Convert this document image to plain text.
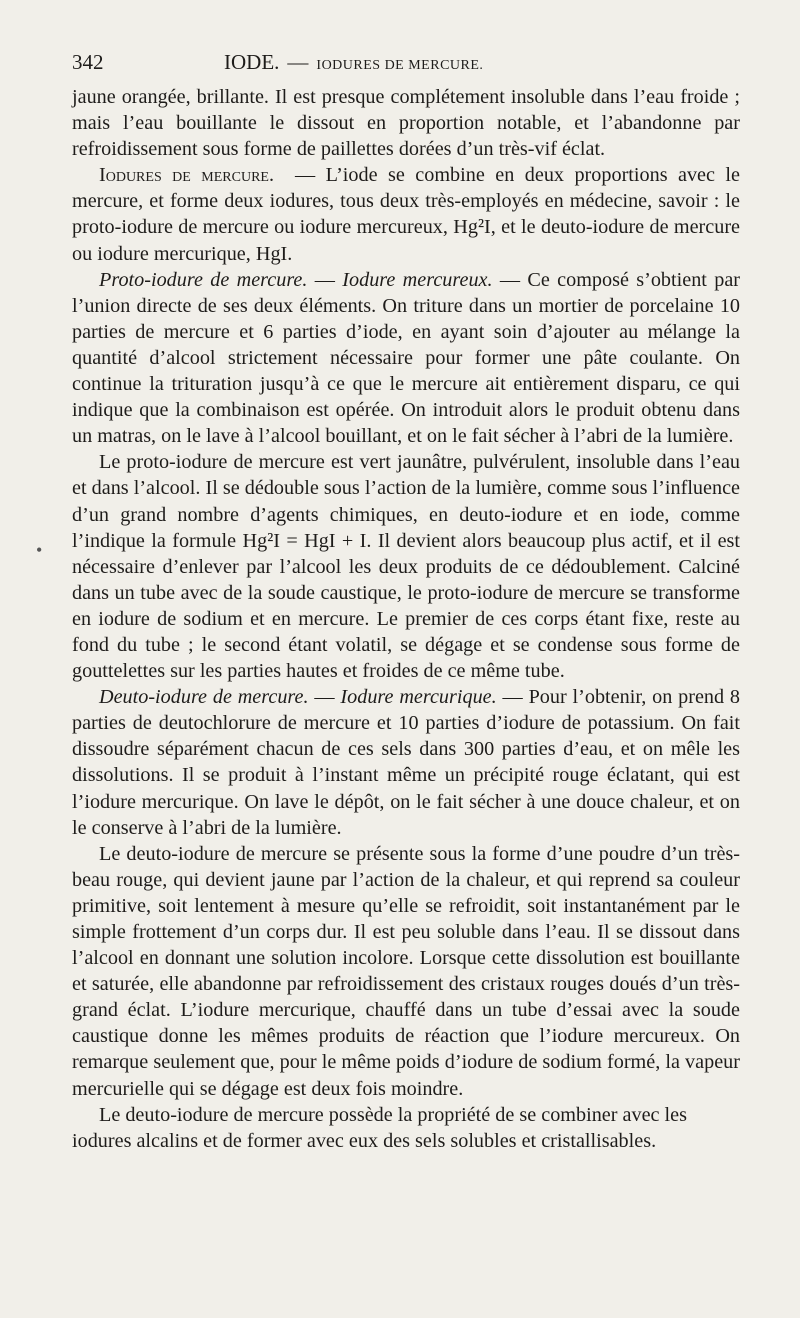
342	IODE. — IODURES DE MERCURE.

jaune orangée, brillante. Il est presque complétement insoluble dans l’eau froide ; mais l’eau bouillante le dissout en proportion notable, et l’abandonne par refroidissement sous forme de paillettes dorées d’un très-vif éclat.

Iodures de mercure.  — L’iode se combine en deux proportions avec le mercure, et forme deux iodures, tous deux très-employés en médecine, savoir : le proto-iodure de mercure ou iodure mercureux, Hg²I, et le deuto-iodure de mercure ou iodure mercurique, HgI.

Proto-iodure de mercure. — Iodure mercureux. — Ce composé s’obtient par l’union directe de ses deux éléments. On triture dans un mortier de porcelaine 10 parties de mercure et 6 parties d’iode, en ayant soin d’ajouter au mélange la quantité d’alcool strictement nécessaire pour former une pâte coulante. On continue la trituration jusqu’à ce que le mercure ait entièrement disparu, ce qui indique que la combinaison est opérée. On introduit alors le produit obtenu dans un matras, on le lave à l’alcool bouillant, et on le fait sécher à l’abri de la lumière.

Le proto-iodure de mercure est vert jaunâtre, pulvérulent, insoluble dans l’eau et dans l’alcool. Il se dédouble sous l’action de la lumière, comme sous l’influence d’un grand nombre d’agents chimiques, en deuto-iodure et en iode, comme l’indique la formule Hg²I = HgI + I. Il devient alors beaucoup plus actif, et il est nécessaire d’enlever par l’alcool les deux produits de ce dédoublement. Calciné dans un tube avec de la soude caustique, le proto-iodure de mercure se transforme en iodure de sodium et en mercure. Le premier de ces corps étant fixe, reste au fond du tube ; le second étant volatil, se dégage et se condense sous forme de gouttelettes sur les parties hautes et froides de ce même tube.

Deuto-iodure de mercure. — Iodure mercurique. — Pour l’obtenir, on prend 8 parties de deutochlorure de mercure et 10 parties d’iodure de potassium. On fait dissoudre séparément chacun de ces sels dans 300 parties d’eau, et on mêle les dissolutions. Il se produit à l’instant même un précipité rouge éclatant, qui est l’iodure mercurique. On lave le dépôt, on le fait sécher à une douce chaleur, et on le conserve à l’abri de la lumière.

Le deuto-iodure de mercure se présente sous la forme d’une poudre d’un très-beau rouge, qui devient jaune par l’action de la chaleur, et qui reprend sa couleur primitive, soit lentement à mesure qu’elle se refroidit, soit instantanément par le simple frottement d’un corps dur. Il est peu soluble dans l’eau. Il se dissout dans l’alcool en donnant une solution incolore. Lorsque cette dissolution est bouillante et saturée, elle abandonne par refroidissement des cristaux rouges doués d’un très-grand éclat. L’iodure mercurique, chauffé dans un tube d’essai avec la soude caustique donne les mêmes produits de réaction que l’iodure mercureux. On remarque seulement que, pour le même poids d’iodure de sodium formé, la vapeur mercurielle qui se dégage est deux fois moindre.

Le deuto-iodure de mercure possède la propriété de se combiner avec les iodures alcalins et de former avec eux des sels solubles et cristallisables.

•
